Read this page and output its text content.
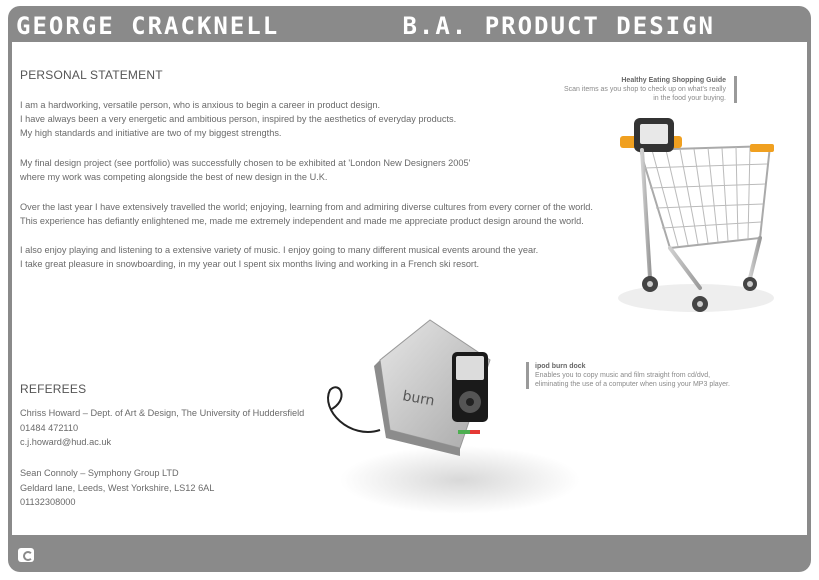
GEORGE CRACKNELL	B.A. PRODUCT DESIGN
PERSONAL STATEMENT
I am a hardworking, versatile person, who is anxious to begin a career in product design.
I have always been a very energetic and ambitious person, inspired by the aesthetics of everyday products.
My high standards and initiative are two of my biggest strengths.
My final design project (see portfolio) was successfully chosen to be exhibited at 'London New Designers 2005'
where my work was competing alongside the best of new design in the U.K.
Over the last year I have extensively travelled the world; enjoying, learning from and admiring diverse cultures from every corner of the world.
This experience has defiantly enlightened me, made me extremely independent and made me appreciate product design around the world.
I also enjoy playing and listening to a extensive variety of music. I enjoy going to many different musical events around the year.
I take great pleasure in snowboarding, in my year out I spent six months living and working in a French ski resort.
REFEREES
Chriss Howard – Dept. of Art & Design, The University of Huddersfield
01484 472110
c.j.howard@hud.ac.uk
Sean Connoly – Symphony Group LTD
Geldard lane, Leeds, West Yorkshire, LS12 6AL
01132308000
Healthy Eating Shopping Guide
Scan items as you shop to check up on what's really
in the food your buying.
ipod burn dock
Enables you to copy music and film straight from cd/dvd,
eliminating the use of a computer when using your MP3 player.
burn
